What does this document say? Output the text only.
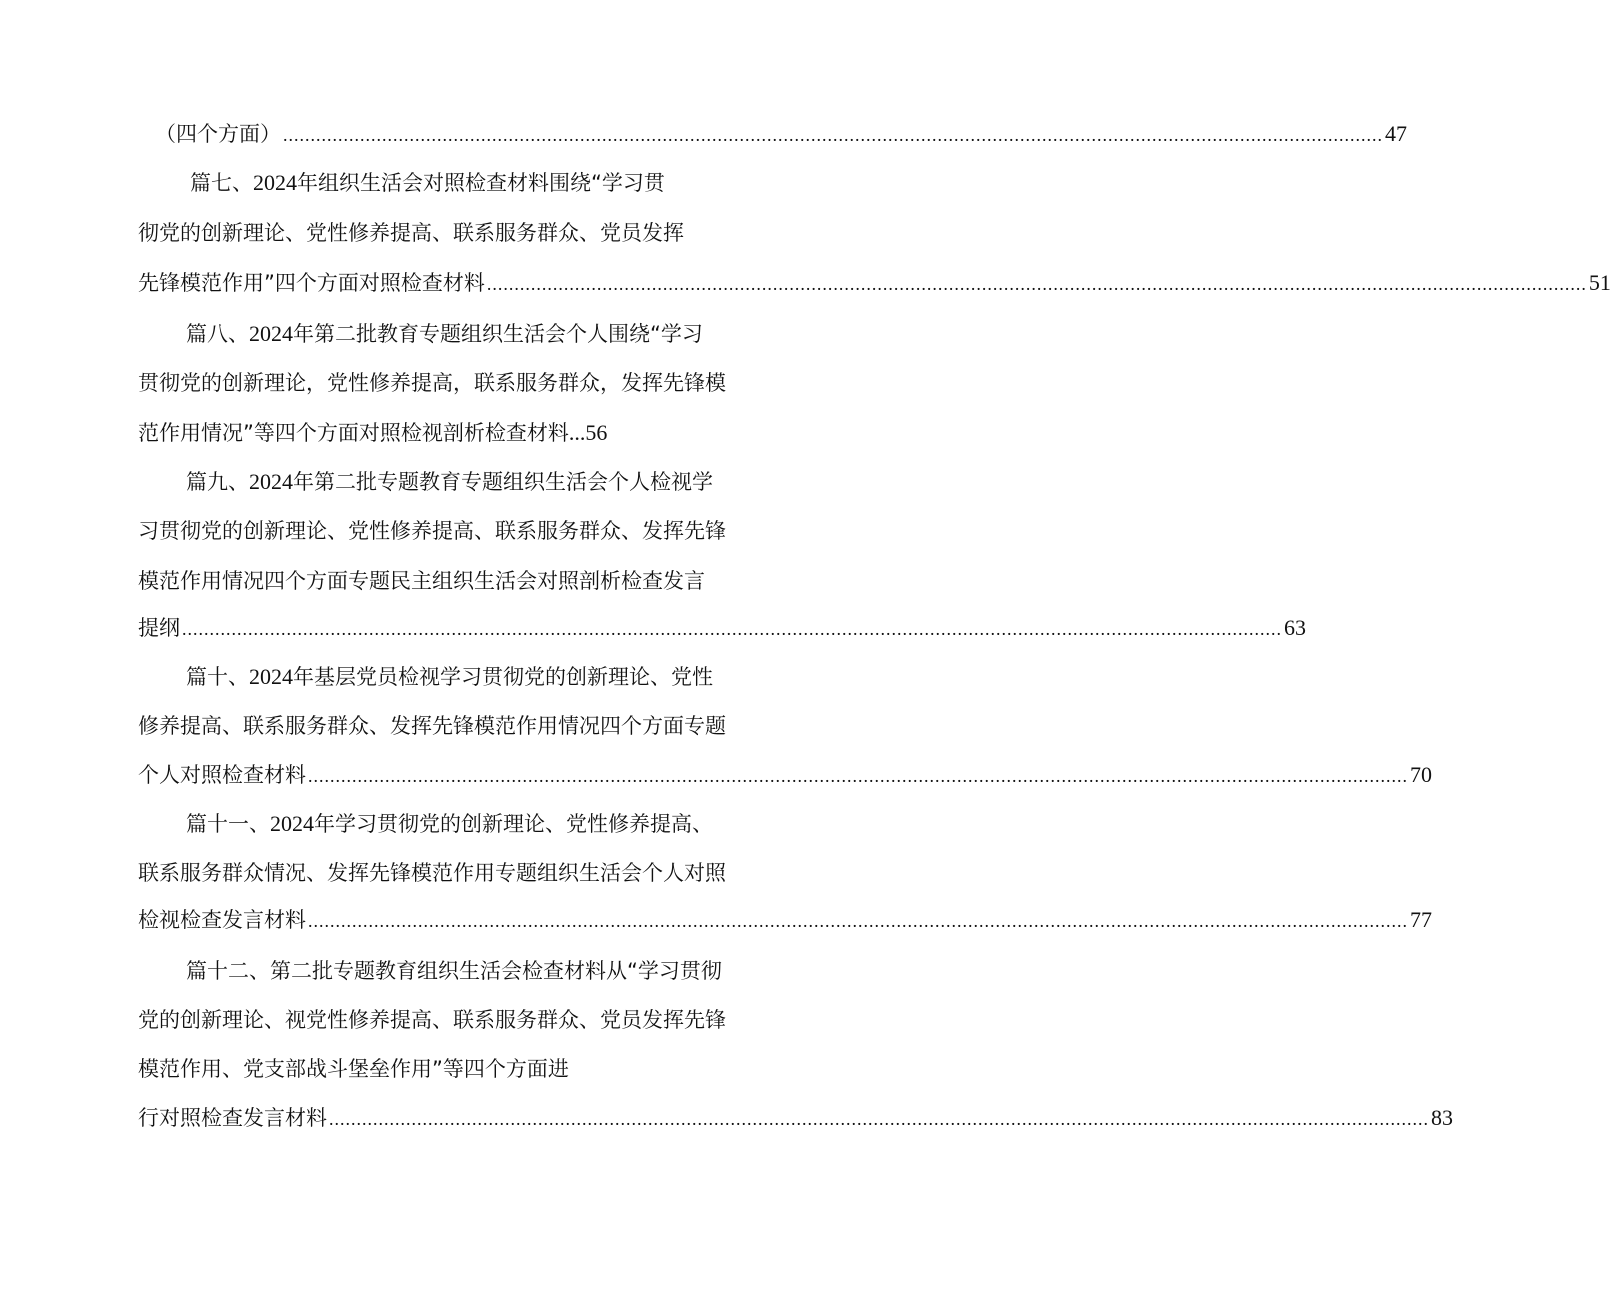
（四个方面） ........................................................................................................................................................................................................ 47
篇七、2024年组织生活会对照检查材料围绕“学习贯
彻党的创新理论、党性修养提高、联系服务群众、党员发挥
先锋模范作用”四个方面对照检查材料 ........................................................................................................................................................................................................ 51
篇八、2024年第二批教育专题组织生活会个人围绕“学习
贯彻党的创新理论，党性修养提高，联系服务群众，发挥先锋模
范作用情况”等四个方面对照检视剖析检查材料...56
篇九、2024年第二批专题教育专题组织生活会个人检视学
习贯彻党的创新理论、党性修养提高、联系服务群众、发挥先锋
模范作用情况四个方面专题民主组织生活会对照剖析检查发言
提纲 ........................................................................................................................................................................................................ 63
篇十、2024年基层党员检视学习贯彻党的创新理论、党性
修养提高、联系服务群众、发挥先锋模范作用情况四个方面专题
个人对照检查材料 ........................................................................................................................................................................................................ 70
篇十一、2024年学习贯彻党的创新理论、党性修养提高、
联系服务群众情况、发挥先锋模范作用专题组织生活会个人对照
检视检查发言材料 ........................................................................................................................................................................................................ 77
篇十二、第二批专题教育组织生活会检查材料从“学习贯彻
党的创新理论、视党性修养提高、联系服务群众、党员发挥先锋
模范作用、党支部战斗堡垒作用”等四个方面进
行对照检查发言材料 ........................................................................................................................................................................................................ 83
